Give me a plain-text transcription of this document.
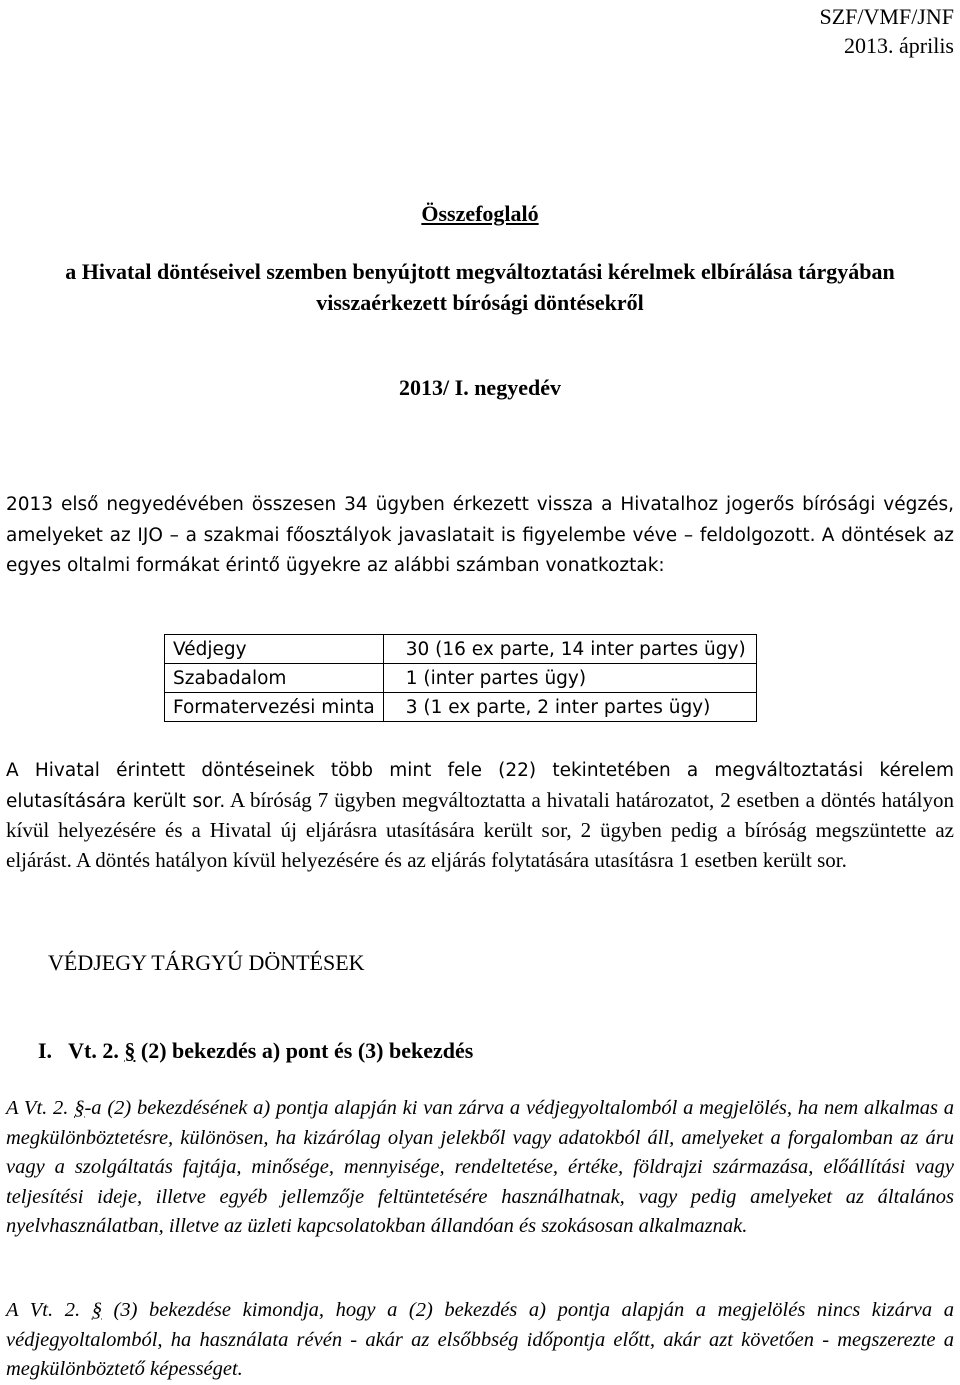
SZF/VMF/JNF
2013. április
Összefoglaló
a Hivatal döntéseivel szemben benyújtott megváltoztatási kérelmek elbírálása tárgyában
visszaérkezett bírósági döntésekről
2013/ I. negyedév
2013 első negyedévében összesen 34 ügyben érkezett vissza a Hivatalhoz jogerős bírósági végzés, amelyeket az IJO – a szakmai főosztályok javaslatait is figyelembe véve – feldolgozott. A döntések az egyes oltalmi formákat érintő ügyekre az alábbi számban vonatkoztak:
Védjegy	30 (16 ex parte, 14 inter partes ügy)
Szabadalom	1 (inter partes ügy)
Formatervezési minta	3 (1 ex parte, 2 inter partes ügy)
A Hivatal érintett döntéseinek több mint fele (22) tekintetében a megváltoztatási kérelem elutasítására került sor. A bíróság 7 ügyben megváltoztatta a hivatali határozatot, 2 esetben a döntés hatályon kívül helyezésére és a Hivatal új eljárásra utasítására került sor, 2 ügyben pedig a bíróság megszüntette az eljárást. A döntés hatályon kívül helyezésére és az eljárás folytatására utasításra 1 esetben került sor.
VÉDJEGY TÁRGYÚ DÖNTÉSEK
I. Vt. 2. § (2) bekezdés a) pont és (3) bekezdés
A Vt. 2. §-a (2) bekezdésének a) pontja alapján ki van zárva a védjegyoltalomból a megjelölés, ha nem alkalmas a megkülönböztetésre, különösen, ha kizárólag olyan jelekből vagy adatokból áll, amelyeket a forgalomban az áru vagy a szolgáltatás fajtája, minősége, mennyisége, rendeltetése, értéke, földrajzi származása, előállítási vagy teljesítési ideje, illetve egyéb jellemzője feltüntetésére használhatnak, vagy pedig amelyeket az általános nyelvhasználatban, illetve az üzleti kapcsolatokban állandóan és szokásosan alkalmaznak.
A Vt. 2. § (3) bekezdése kimondja, hogy a (2) bekezdés a) pontja alapján a megjelölés nincs kizárva a védjegyoltalomból, ha használata révén - akár az elsőbbség időpontja előtt, akár azt követően - megszerezte a megkülönböztető képességet.
